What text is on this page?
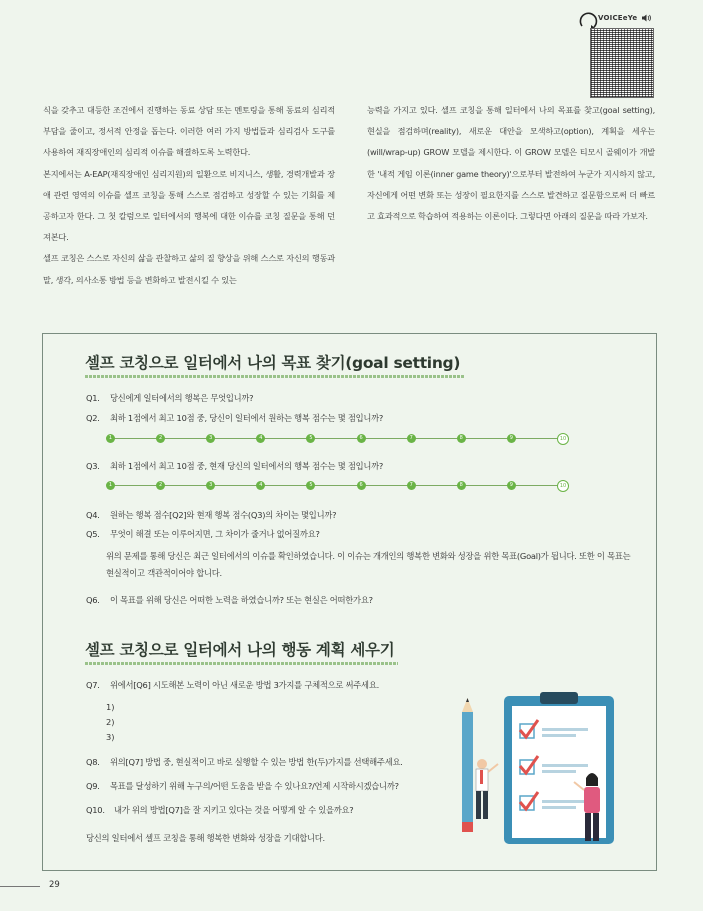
VOICEeYe

식을 갖추고 대등한 조건에서 진행하는 동료 상담 또는 멘토링을 통해 동료의 심리적 부담을 줄이고, 정서적 안정을 돕는다. 이러한 여러 가지 방법들과 심리검사 도구를 사용하여 재직장애인의 심리적 이슈를 해결하도록 노력한다.

본지에서는 A-EAP(재직장애인 심리지원)의 일환으로 비지니스, 생활, 경력개발과 장애 관련 영역의 이슈를 셀프 코칭을 통해 스스로 점검하고 성장할 수 있는 기회를 제공하고자 한다. 그 첫 칼럼으로 일터에서의 행복에 대한 이슈를 코칭 질문을 통해 던져본다.

셀프 코칭은 스스로 자신의 삶을 관찰하고 삶의 질 향상을 위해 스스로 자신의 행동과 말, 생각, 의사소통 방법 등을 변화하고 발전시킬 수 있는

능력을 가지고 있다. 셀프 코칭을 통해 일터에서 나의 목표를 찾고(goal setting), 현실을 점검하며(reality), 새로운 대안을 모색하고(option), 계획을 세우는(will/wrap-up) GROW 모델을 제시한다. 이 GROW 모델은 티모시 골웨이가 개발한 '내적 게임 이론(inner game theory)'으로부터 발전하여 누군가 지시하지 않고, 자신에게 어떤 변화 또는 성장이 필요한지를 스스로 발견하고 질문함으로써 더 빠르고 효과적으로 학습하여 적용하는 이론이다. 그렇다면 아래의 질문을 따라 가보자.

셀프 코칭으로 일터에서 나의 목표 찾기(goal setting)
Q1. 당신에게 일터에서의 행복은 무엇입니까?
Q2. 최하 1점에서 최고 10점 중, 당신이 일터에서 원하는 행복 점수는 몇 점입니까?
1	2	3	4	5	6	7	8	9	10
Q3. 최하 1점에서 최고 10점 중, 현재 당신의 일터에서의 행복 점수는 몇 점입니까?
1	2	3	4	5	6	7	8	9	10
Q4. 원하는 행복 점수[Q2]와 현재 행복 점수(Q3)의 차이는 몇입니까?
Q5. 무엇이 해결 또는 이루어지면, 그 차이가 줄거나 없어질까요?
위의 문제를 통해 당신은 최근 일터에서의 이슈를 확인하였습니다. 이 이슈는 개개인의 행복한 변화와 성장을 위한 목표(Goal)가 됩니다. 또한 이 목표는 현실적이고 객관적이어야 합니다.
Q6. 이 목표를 위해 당신은 어떠한 노력을 하였습니까? 또는 현실은 어떠한가요?
셀프 코칭으로 일터에서 나의 행동 계획 세우기
Q7. 위에서[Q6] 시도해본 노력이 아닌 새로운 방법 3가지를 구체적으로 써주세요.
1)
2)
3)
Q8. 위의[Q7] 방법 중, 현실적이고 바로 실행할 수 있는 방법 한(두)가지를 선택해주세요.
Q9. 목표를 달성하기 위해 누구의/어떤 도움을 받을 수 있나요?/언제 시작하시겠습니까?
Q10. 내가 위의 방법[Q7]을 잘 지키고 있다는 것을 어떻게 알 수 있을까요?
당신의 일터에서 셀프 코칭을 통해 행복한 변화와 성장을 기대합니다.
29
